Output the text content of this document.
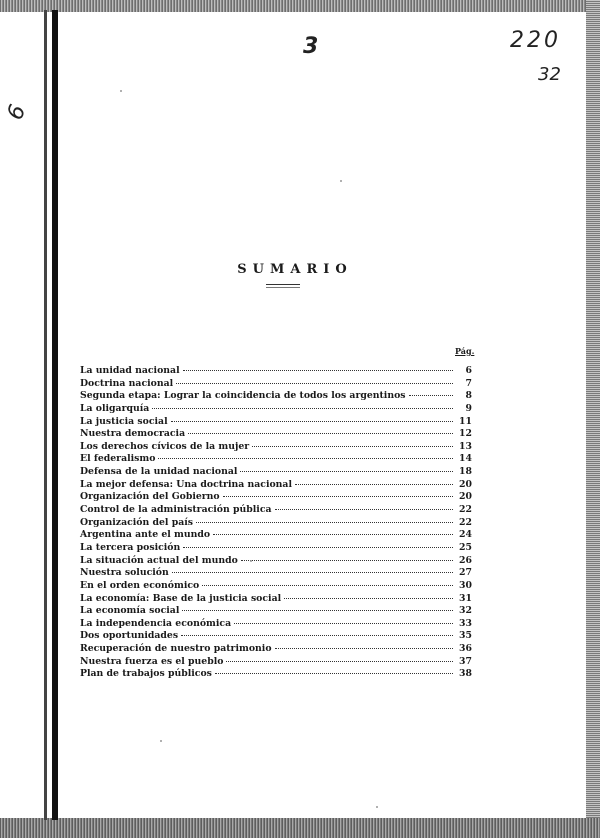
220
32
3
6
SUMARIO
Pág.
La unidad nacional	6
Doctrina nacional	7
Segunda etapa: Lograr la coincidencia de todos los argentinos	8
La oligarquía	9
La justicia social	11
Nuestra democracia	12
Los derechos cívicos de la mujer	13
El federalismo	14
Defensa de la unidad nacional	18
La mejor defensa: Una doctrina nacional	20
Organización del Gobierno	20
Control de la administración pública	22
Organización del país	22
Argentina ante el mundo	24
La tercera posición	25
La situación actual del mundo	26
Nuestra solución	27
En el orden económico	30
La economía: Base de la justicia social	31
La economía social	32
La independencia económica	33
Dos oportunidades	35
Recuperación de nuestro patrimonio	36
Nuestra fuerza es el pueblo	37
Plan de trabajos públicos	38
